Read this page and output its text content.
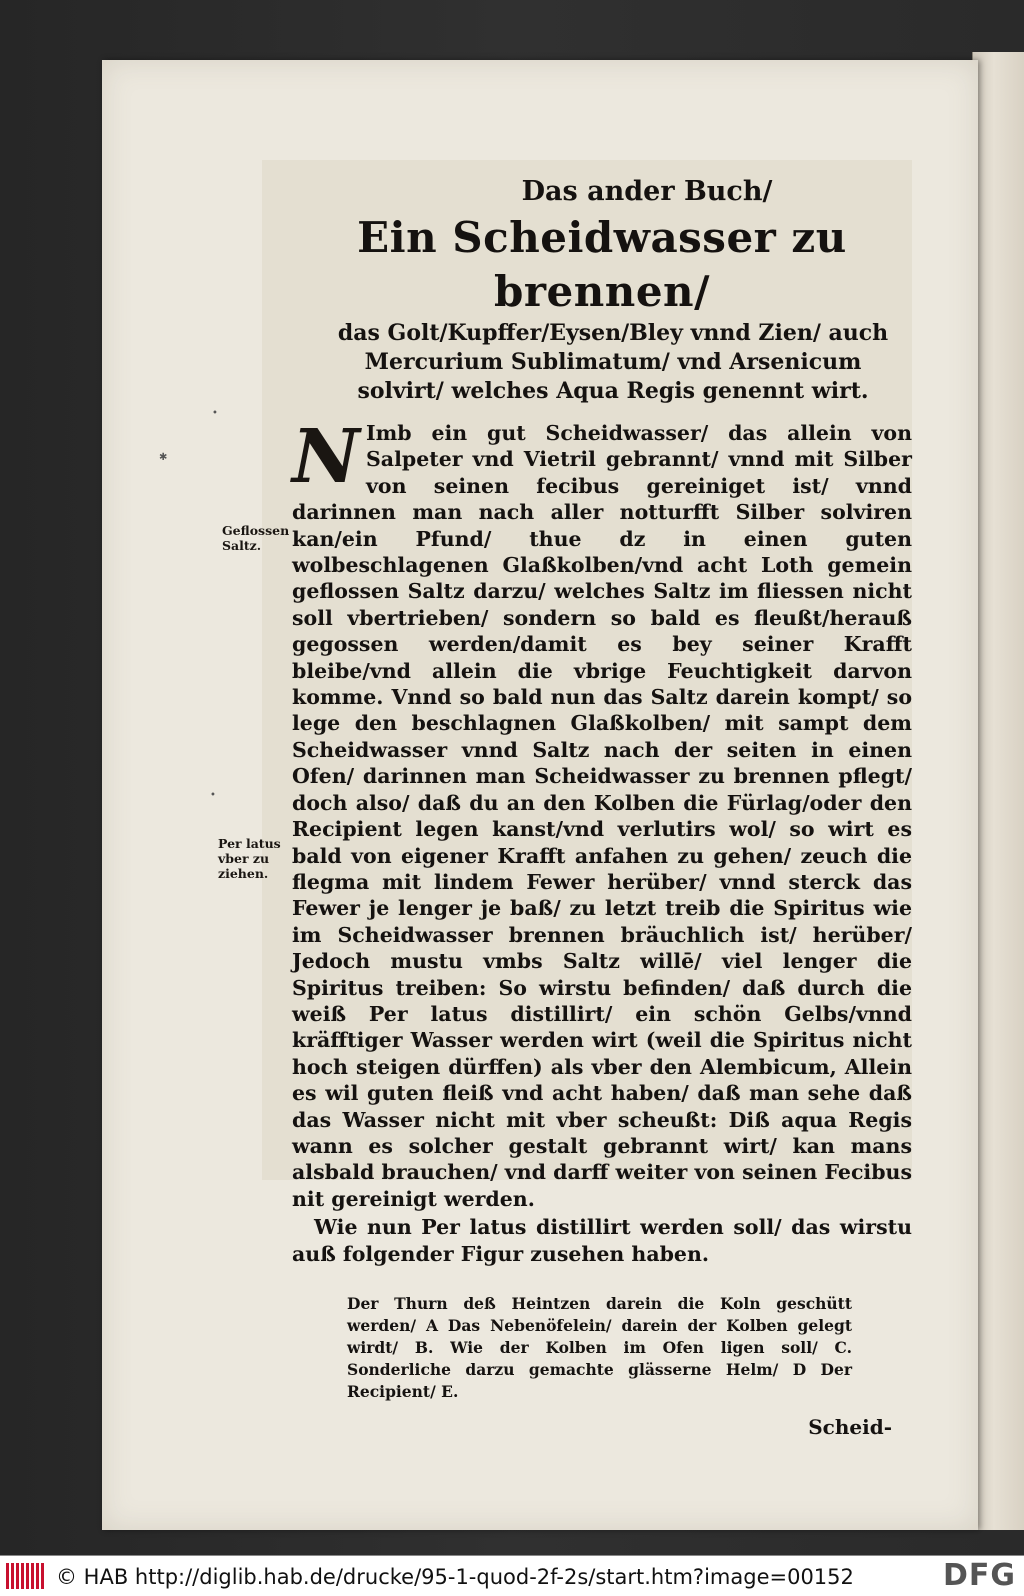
•
✱
•
Geflossen Saltz.
Per latus vber zu ziehen.
Das ander Buch/
Ein Scheidwasser zu brennen/
das Golt/Kupffer/Eysen/Bley vnnd Zien/ auch Mercurium Sublimatum/ vnd Arsenicum solvirt/ welches Aqua Regis genennt wirt.
N Imb ein gut Scheidwasser/ das allein von Salpeter vnd Vietril gebrannt/ vnnd mit Silber von seinen fecibus gereiniget ist/ vnnd darinnen man nach aller notturfft Silber solviren kan/ein Pfund/ thue dz in einen guten wolbeschlagenen Glaßkolben/vnd acht Loth gemein geflossen Saltz darzu/ welches Saltz im fliessen nicht soll vbertrieben/ sondern so bald es fleußt/herauß gegossen werden/damit es bey seiner Krafft bleibe/vnd allein die vbrige Feuchtigkeit darvon komme. Vnnd so bald nun das Saltz darein kompt/ so lege den beschlagnen Glaßkolben/ mit sampt dem Scheidwasser vnnd Saltz nach der seiten in einen Ofen/ darinnen man Scheidwasser zu brennen pflegt/ doch also/ daß du an den Kolben die Fürlag/oder den Recipient legen kanst/vnd verlutirs wol/ so wirt es bald von eigener Krafft anfahen zu gehen/ zeuch die flegma mit lindem Fewer herüber/ vnnd sterck das Fewer je lenger je baß/ zu letzt treib die Spiritus wie im Scheidwasser brennen bräuchlich ist/ herüber/ Jedoch mustu vmbs Saltz willē/ viel lenger die Spiritus treiben: So wirstu befinden/ daß durch die weiß Per latus distillirt/ ein schön Gelbs/vnnd kräfftiger Wasser werden wirt (weil die Spiritus nicht hoch steigen dürffen) als vber den Alembicum, Allein es wil guten fleiß vnd acht haben/ daß man sehe daß das Wasser nicht mit vber scheußt: Diß aqua Regis wann es solcher gestalt gebrannt wirt/ kan mans alsbald brauchen/ vnd darff weiter von seinen Fecibus nit gereinigt werden.

Wie nun Per latus distillirt werden soll/ das wirstu auß folgender Figur zusehen haben.

Der Thurn deß Heintzen darein die Koln geschütt werden/ A Das Nebenöfelein/ darein der Kolben gelegt wirdt/ B. Wie der Kolben im Ofen ligen soll/ C. Sonderliche darzu gemachte glässerne Helm/ D Der Recipient/ E.
Scheid-
© HAB http://diglib.hab.de/drucke/95-1-quod-2f-2s/start.htm?image=00152	DFG
